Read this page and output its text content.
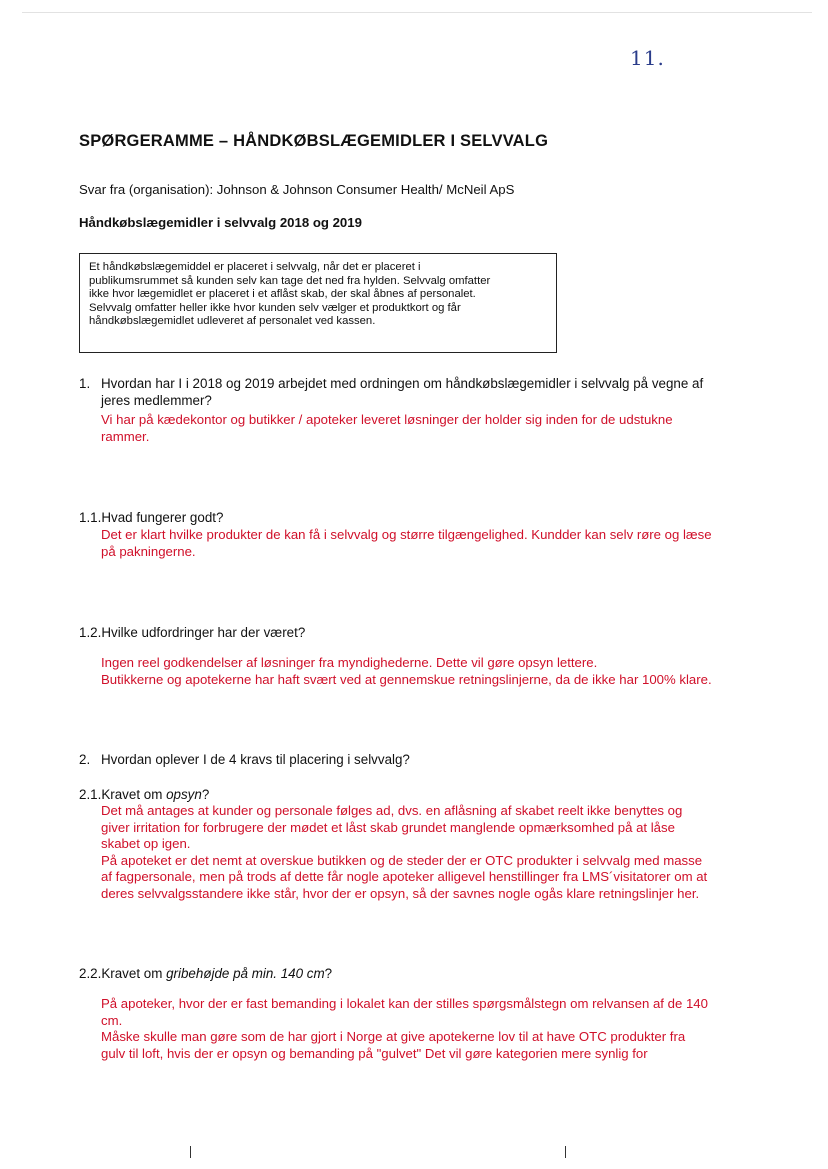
11.
SPØRGERAMME – HÅNDKØBSLÆGEMIDLER I SELVVALG
Svar fra (organisation): Johnson & Johnson Consumer Health/ McNeil ApS
Håndkøbslægemidler i selvvalg 2018 og 2019
Et håndkøbslægemiddel er placeret i selvvalg, når det er placeret i
publikumsrummet så kunden selv kan tage det ned fra hylden. Selvvalg omfatter
ikke hvor lægemidlet er placeret i et aflåst skab, der skal åbnes af personalet.
Selvvalg omfatter heller ikke hvor kunden selv vælger et produktkort og får
håndkøbslægemidlet udleveret af personalet ved kassen.
1. Hvordan har I i 2018 og 2019 arbejdet med ordningen om håndkøbslægemidler i selvvalg på vegne af
jeres medlemmer?
Vi har på kædekontor og butikker / apoteker leveret løsninger der holder sig inden for de udstukne
rammer.
1.1.Hvad fungerer godt?
Det er klart hvilke produkter de kan få i selvvalg og større tilgængelighed. Kundder kan selv røre og læse
på pakningerne.
1.2.Hvilke udfordringer har der været?
Ingen reel godkendelser af løsninger fra myndighederne. Dette vil gøre opsyn lettere.
Butikkerne og apotekerne har haft svært ved at gennemskue retningslinjerne, da de ikke har 100% klare.
2. Hvordan oplever I de 4 kravs til placering i selvvalg?
2.1.Kravet om opsyn?
Det må antages at kunder og personale følges ad, dvs. en aflåsning af skabet reelt ikke benyttes og
giver irritation for forbrugere der mødet et låst skab grundet manglende opmærksomhed på at låse
skabet op igen.
På apoteket er det nemt at overskue butikken og de steder der er OTC produkter i selvvalg med masse
af fagpersonale, men på trods af dette får nogle apoteker alligevel henstillinger fra LMS´visitatorer om at
deres selvvalgsstandere ikke står, hvor der er opsyn, så der savnes nogle ogås klare retningslinjer her.
2.2.Kravet om gribehøjde på min. 140 cm?
På apoteker, hvor der er fast bemanding i lokalet kan der stilles spørgsmålstegn om relvansen af de 140
cm.
Måske skulle man gøre som de har gjort i Norge at give apotekerne lov til at have OTC produkter fra
gulv til loft, hvis der er opsyn og bemanding på "gulvet" Det vil gøre kategorien mere synlig for
